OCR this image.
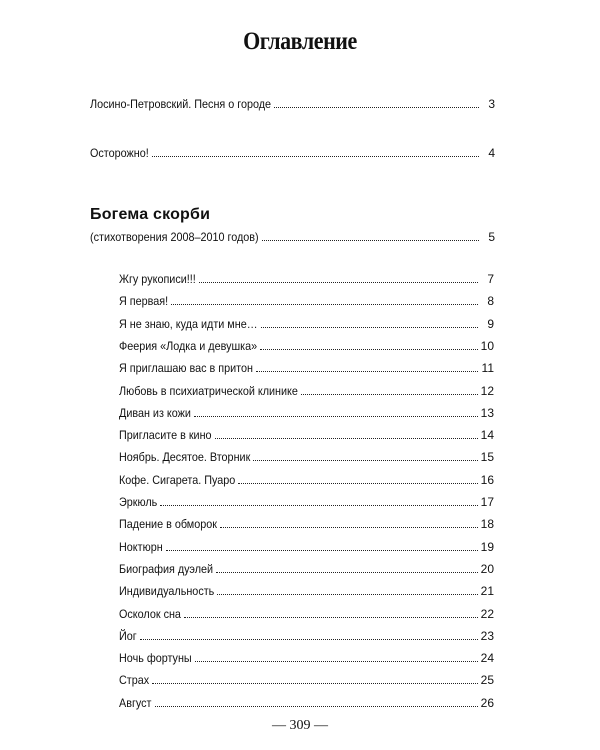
Оглавление
Лосино-Петровский. Песня о городе	3
Осторожно!	4
Богема скорби
(стихотворения 2008–2010 годов)	5
Жгу рукописи!!!	7
Я первая!	8
Я не знаю, куда идти мне…	9
Феерия «Лодка и девушка»	10
Я приглашаю вас в притон	11
Любовь в психиатрической клинике	12
Диван из кожи	13
Пригласите в кино	14
Ноябрь. Десятое. Вторник	15
Кофе. Сигарета. Пуаро	16
Эркюль	17
Падение в обморок	18
Ноктюрн	19
Биография дуэлей	20
Индивидуальность	21
Осколок сна	22
Йог	23
Ночь фортуны	24
Страх	25
Август	26
— 309 —
